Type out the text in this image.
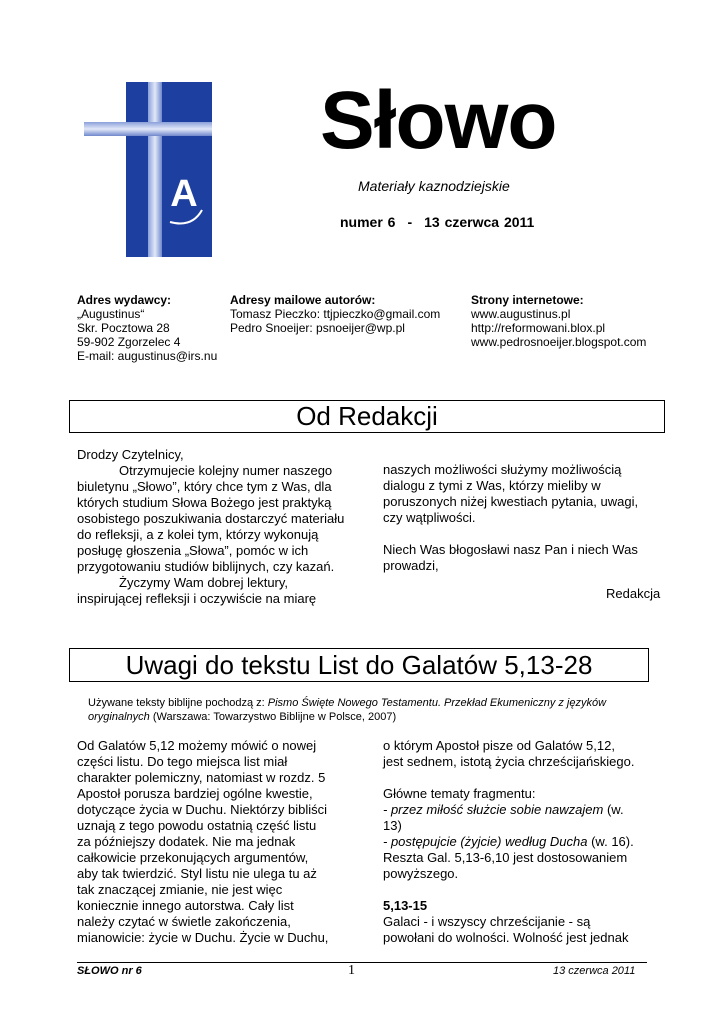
A
Słowo
Materiały kaznodziejskie
numer 6 - 13 czerwca 2011
Adres wydawcy:
„Augustinus“
Skr. Pocztowa 28
59-902 Zgorzelec 4
E-mail: augustinus@irs.nu
Adresy mailowe autorów:
Tomasz Pieczko: ttjpieczko@gmail.com
Pedro Snoeijer: psnoeijer@wp.pl
Strony internetowe:
www.augustinus.pl
http://reformowani.blox.pl
www.pedrosnoeijer.blogspot.com
Od Redakcji
Drodzy Czytelnicy,
Otrzymujecie kolejny numer naszego
biuletynu „Słowo”, który chce tym z Was, dla
których studium Słowa Bożego jest praktyką
osobistego poszukiwania dostarczyć materiału
do refleksji, a z kolei tym, którzy wykonują
posługę głoszenia „Słowa”, pomóc w ich
przygotowaniu studiów biblijnych, czy kazań.
Życzymy Wam dobrej lektury,
inspirującej refleksji i oczywiście na miarę
naszych możliwości służymy możliwością
dialogu z tymi z Was, którzy mieliby w
poruszonych niżej kwestiach pytania, uwagi,
czy wątpliwości.
Niech Was błogosławi nasz Pan i niech Was
prowadzi,
Redakcja
Uwagi do tekstu List do Galatów 5,13-28
Używane teksty biblijne pochodzą z: Pismo Święte Nowego Testamentu. Przekład Ekumeniczny z języków oryginalnych (Warszawa: Towarzystwo Biblijne w Polsce, 2007)
Od Galatów 5,12 możemy mówić o nowej
części listu. Do tego miejsca list miał
charakter polemiczny, natomiast w rozdz. 5
Apostoł porusza bardziej ogólne kwestie,
dotyczące życia w Duchu. Niektórzy bibliści
uznają z tego powodu ostatnią część listu
za późniejszy dodatek. Nie ma jednak
całkowicie przekonujących argumentów,
aby tak twierdzić. Styl listu nie ulega tu aż
tak znaczącej zmianie, nie jest więc
koniecznie innego autorstwa. Cały list
należy czytać w świetle zakończenia,
mianowicie: życie w Duchu. Życie w Duchu,
o którym Apostoł pisze od Galatów 5,12,
jest sednem, istotą życia chrześcijańskiego.
Główne tematy fragmentu:
- przez miłość służcie sobie nawzajem (w.
13)
- postępujcie (żyjcie) według Ducha (w. 16).
Reszta Gal. 5,13-6,10 jest dostosowaniem
powyższego.
5,13-15
Galaci - i wszyscy chrześcijanie - są
powołani do wolności. Wolność jest jednak
SŁOWO nr 6	1	13 czerwca 2011
